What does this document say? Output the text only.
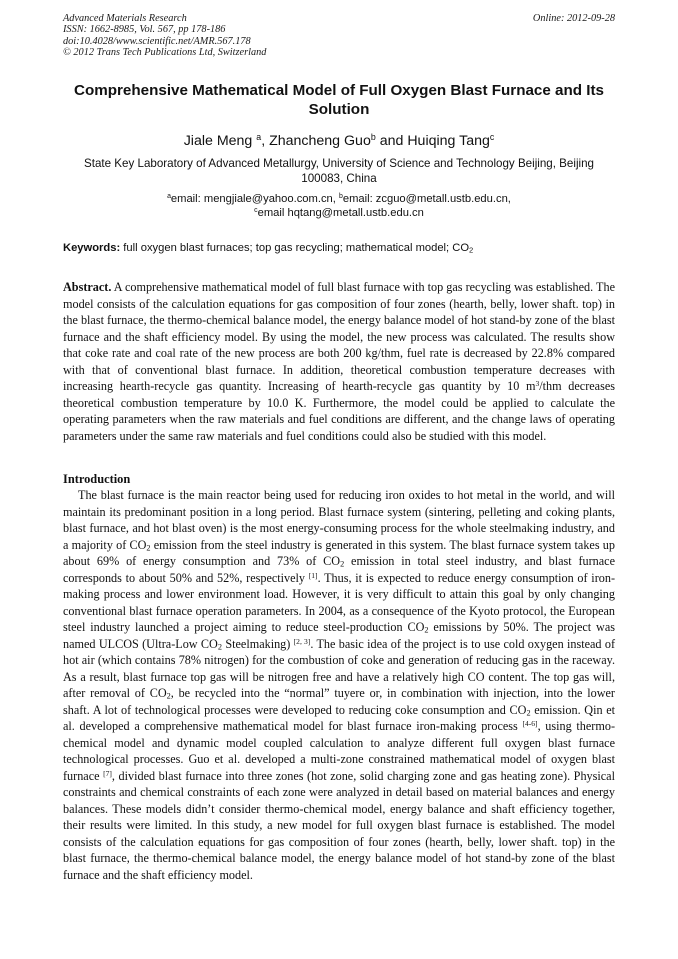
Advanced Materials Research
ISSN: 1662-8985, Vol. 567, pp 178-186
doi:10.4028/www.scientific.net/AMR.567.178
© 2012 Trans Tech Publications Ltd, Switzerland
Online: 2012-09-28
Comprehensive Mathematical Model of Full Oxygen Blast Furnace and Its Solution
Jiale Meng $^a$, Zhancheng Guo$^b$ and Huiqing Tang$^c$
State Key Laboratory of Advanced Metallurgy, University of Science and Technology Beijing, Beijing 100083, China
$^a$email: mengjiale@yahoo.com.cn, $^b$email: zcguo@metall.ustb.edu.cn,
$^c$email hqtang@metall.ustb.edu.cn
Keywords: full oxygen blast furnaces; top gas recycling; mathematical model; $CO_2$
Abstract. A comprehensive mathematical model of full blast furnace with top gas recycling was established. The model consists of the calculation equations for gas composition of four zones (hearth, belly, lower shaft. top) in the blast furnace, the thermo-chemical balance model, the energy balance model of hot stand-by zone of the blast furnace and the shaft efficiency model. By using the model, the new process was calculated. The results show that coke rate and coal rate of the new process are both 200 kg/thm, fuel rate is decreased by 22.8% compared with that of conventional blast furnace. In addition, theoretical combustion temperature decreases with increasing hearth-recycle gas quantity. Increasing of hearth-recycle gas quantity by 10 $m^3$/thm decreases theoretical combustion temperature by 10.0 K. Furthermore, the model could be applied to calculate the operating parameters when the raw materials and fuel conditions are different, and the change laws of operating parameters under the same raw materials and fuel conditions could also be studied with this model.
Introduction
The blast furnace is the main reactor being used for reducing iron oxides to hot metal in the world, and will maintain its predominant position in a long period. Blast furnace system (sintering, pelleting and coking plants, blast furnace, and hot blast oven) is the most energy-consuming process for the whole steelmaking industry, and a majority of $CO_2$ emission from the steel industry is generated in this system. The blast furnace system takes up about 69% of energy consumption and 73% of $CO_2$ emission in total steel industry, and blast furnace corresponds to about 50% and 52%, respectively [1]. Thus, it is expected to reduce energy consumption of iron-making process and lower environment load. However, it is very difficult to attain this goal by only changing conventional blast furnace operation parameters. In 2004, as a consequence of the Kyoto protocol, the European steel industry launched a project aiming to reduce steel-production $CO_2$ emissions by 50%. The project was named ULCOS (Ultra-Low $CO_2$ Steelmaking) [2, 3]. The basic idea of the project is to use cold oxygen instead of hot air (which contains 78% nitrogen) for the combustion of coke and generation of reducing gas in the raceway. As a result, blast furnace top gas will be nitrogen free and have a relatively high CO content. The top gas will, after removal of $CO_2$, be recycled into the “normal” tuyere or, in combination with injection, into the lower shaft. A lot of technological processes were developed to reducing coke consumption and $CO_2$ emission. Qin et al. developed a comprehensive mathematical model for blast furnace iron-making process [4-6], using thermo-chemical model and dynamic model coupled calculation to analyze different full oxygen blast furnace technological processes. Guo et al. developed a multi-zone constrained mathematical model of oxygen blast furnace [7], divided blast furnace into three zones (hot zone, solid charging zone and gas heating zone). Physical constraints and chemical constraints of each zone were analyzed in detail based on material balances and energy balances. These models didn’t consider thermo-chemical model, energy balance and shaft efficiency together, their results were limited. In this study, a new model for full oxygen blast furnace is established. The model consists of the calculation equations for gas composition of four zones (hearth, belly, lower shaft. top) in the blast furnace, the thermo-chemical balance model, the energy balance model of hot stand-by zone of the blast furnace and the shaft efficiency model.
